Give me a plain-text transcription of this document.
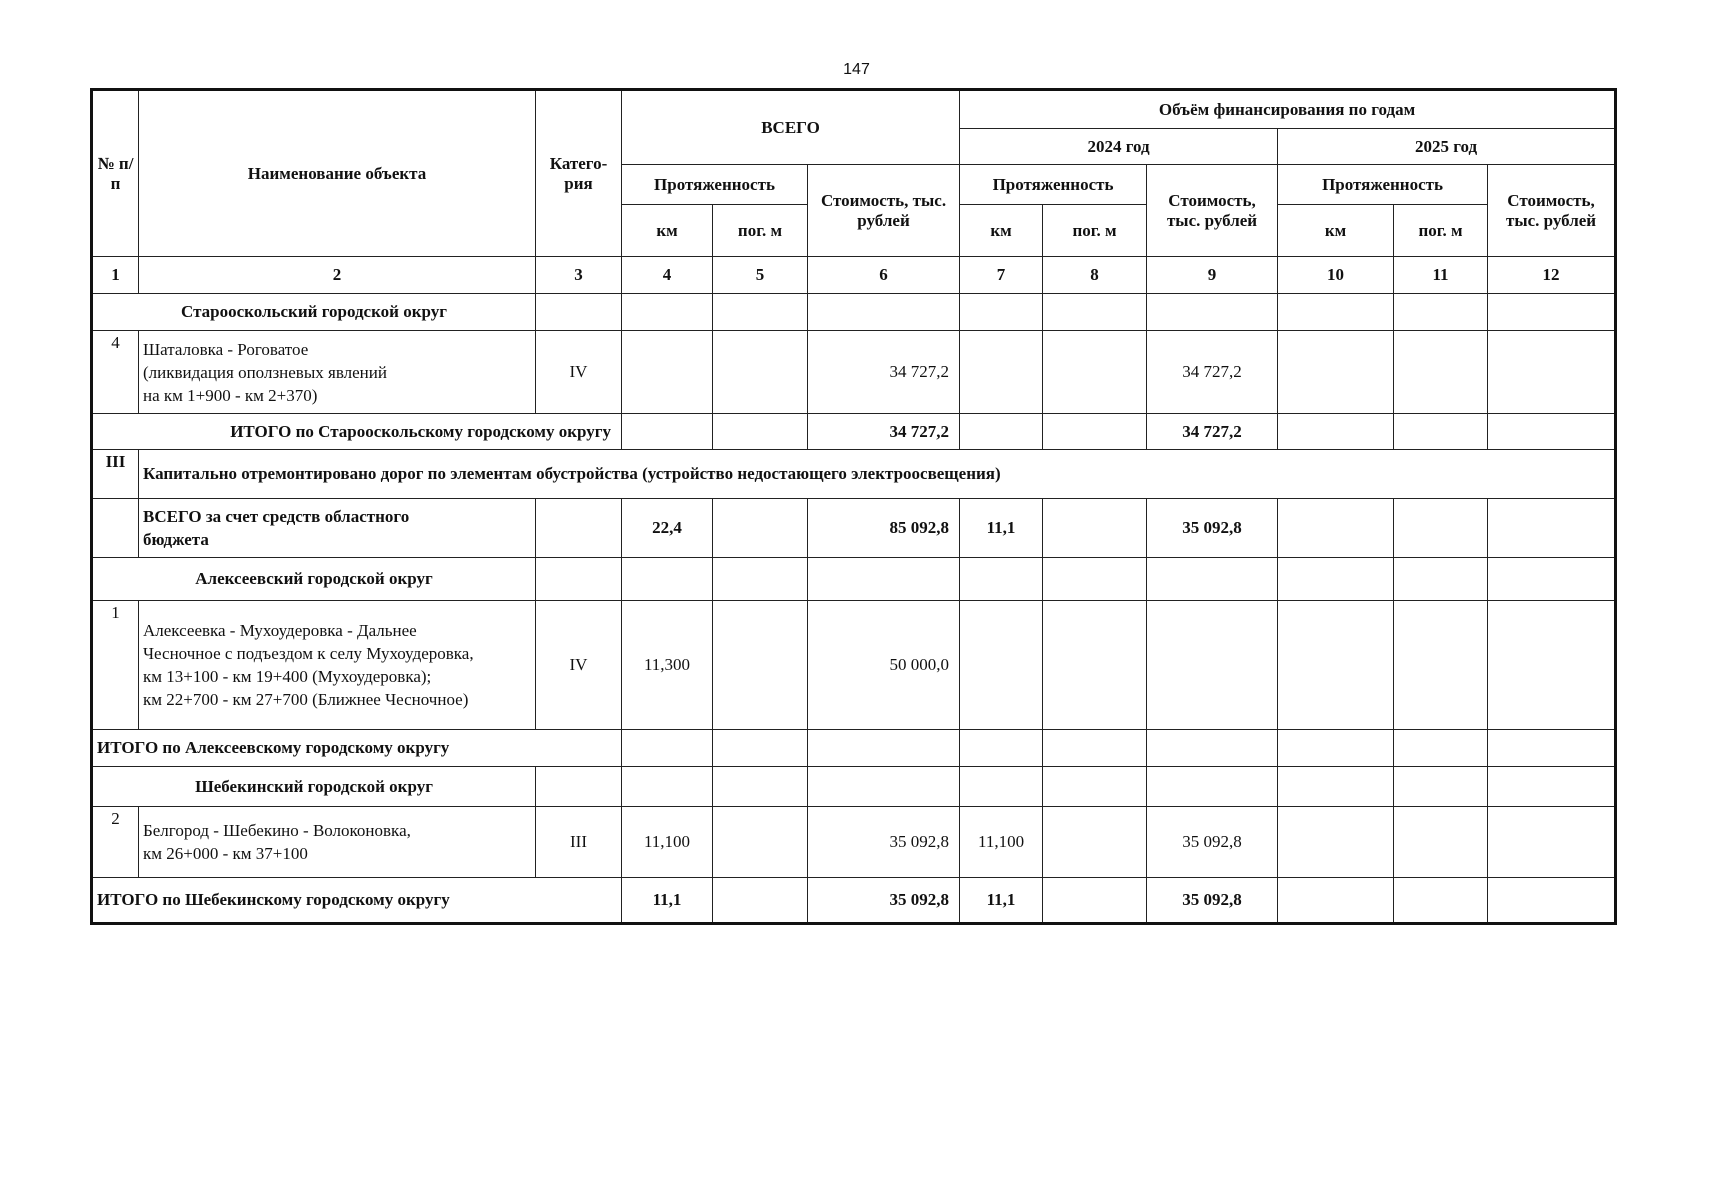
147
№ п/п	Наименование объекта	Катего-рия	ВСЕГО			Объём финансирования по годам					
						2024 год			2025 год		
			Протяженность		Стоимость, тыс. рублей	Протяженность		Стоимость, тыс. рублей	Протяженность		Стоимость, тыс. рублей
			км	пог. м		км	пог. м		км	пог. м	
1	2	3	4	5	6	7	8	9	10	11	12
Старооскольский городской округ											
4	Шаталовка - Роговатое
(ликвидация оползневых явлений
на км 1+900 - км 2+370)	IV			34 727,2			34 727,2			
ИТОГО по Старооскольскому городскому округу					34 727,2			34 727,2			
III	Капитально отремонтировано дорог по элементам обустройства (устройство недостающего электроосвещения)										

	ВСЕГО за счет средств областного
бюджета		22,4		85 092,8	11,1		35 092,8			
Алексеевский городской округ											
1	Алексеевка - Мухоудеровка - Дальнее
Чесночное с подъездом к селу Мухоудеровка,
км 13+100 - км 19+400 (Мухоудеровка);
км 22+700 - км 27+700 (Ближнее Чесночное)	IV	11,300		50 000,0						
ИТОГО по Алексеевскому городскому округу											
Шебекинский городской округ											
2	Белгород - Шебекино - Волоконовка,
км 26+000 - км 37+100	III	11,100		35 092,8	11,100		35 092,8			
ИТОГО по Шебекинскому городскому округу			11,1		35 092,8	11,1		35 092,8			
